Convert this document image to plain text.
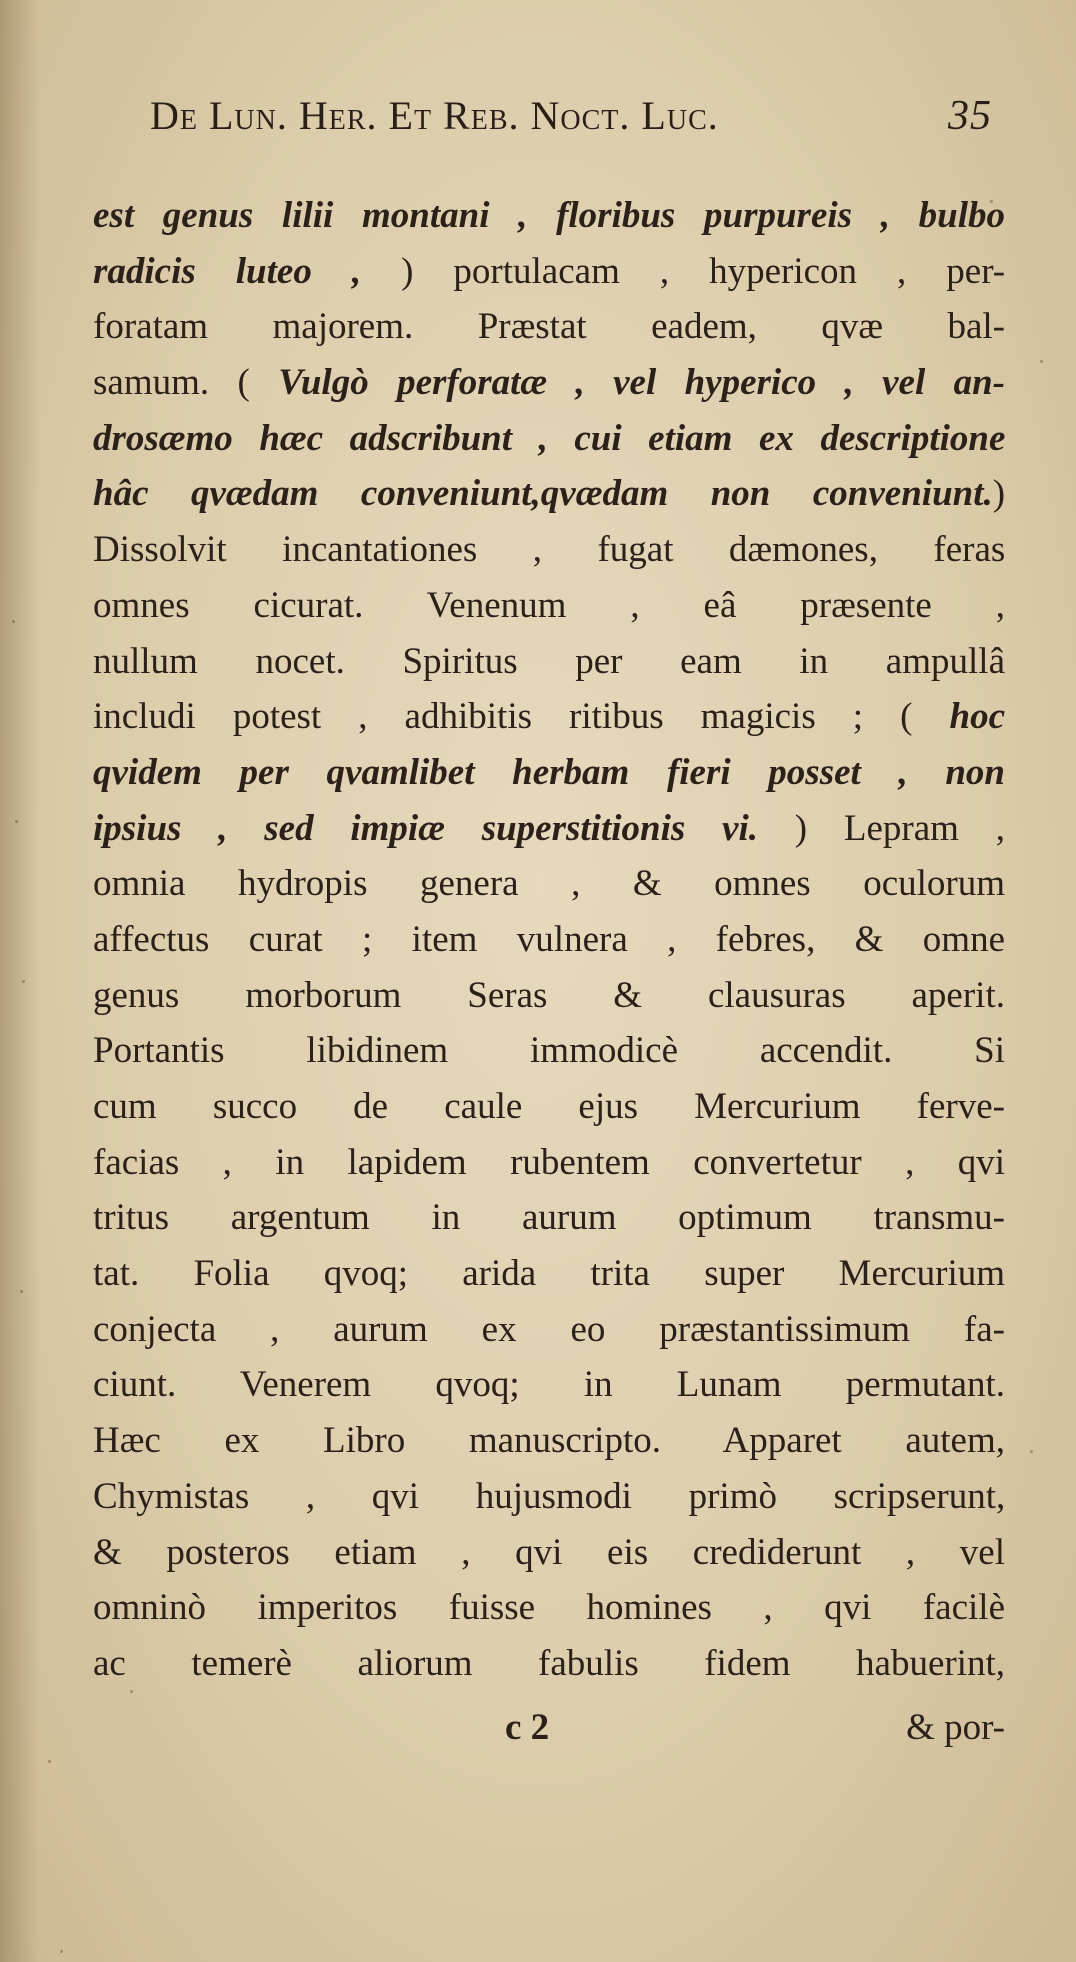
De Lun. Her. Et Reb. Noct. Luc.	35
est genus lilii montani , floribus purpureis , bulbo
radicis luteo , ) portulacam , hypericon , per-
foratam majorem. Præstat eadem, qvæ bal-
samum. ( Vulgò perforatæ , vel hyperico , vel an-
drosæmo hæc adscribunt , cui etiam ex descriptione
hâc qvædam conveniunt,qvædam non conveniunt.)
Dissolvit incantationes , fugat dæmones, feras
omnes cicurat. Venenum , eâ præsente ,
nullum nocet. Spiritus per eam in ampullâ
includi potest , adhibitis ritibus magicis ; ( hoc
qvidem per qvamlibet herbam fieri posset , non
ipsius , sed impiæ superstitionis vi. ) Lepram ,
omnia hydropis genera , & omnes oculorum
affectus curat ; item vulnera , febres, & omne
genus morborum Seras & clausuras aperit.
Portantis libidinem immodicè accendit. Si
cum succo de caule ejus Mercurium ferve-
facias , in lapidem rubentem convertetur , qvi
tritus argentum in aurum optimum transmu-
tat. Folia qvoq; arida trita super Mercurium
conjecta , aurum ex eo præstantissimum fa-
ciunt. Venerem qvoq; in Lunam permutant.
Hæc ex Libro manuscripto. Apparet autem,
Chymistas , qvi hujusmodi primò scripserunt,
& posteros etiam , qvi eis crediderunt , vel
omninò imperitos fuisse homines , qvi facilè
ac temerè aliorum fabulis fidem habuerint,
c 2	& por-
